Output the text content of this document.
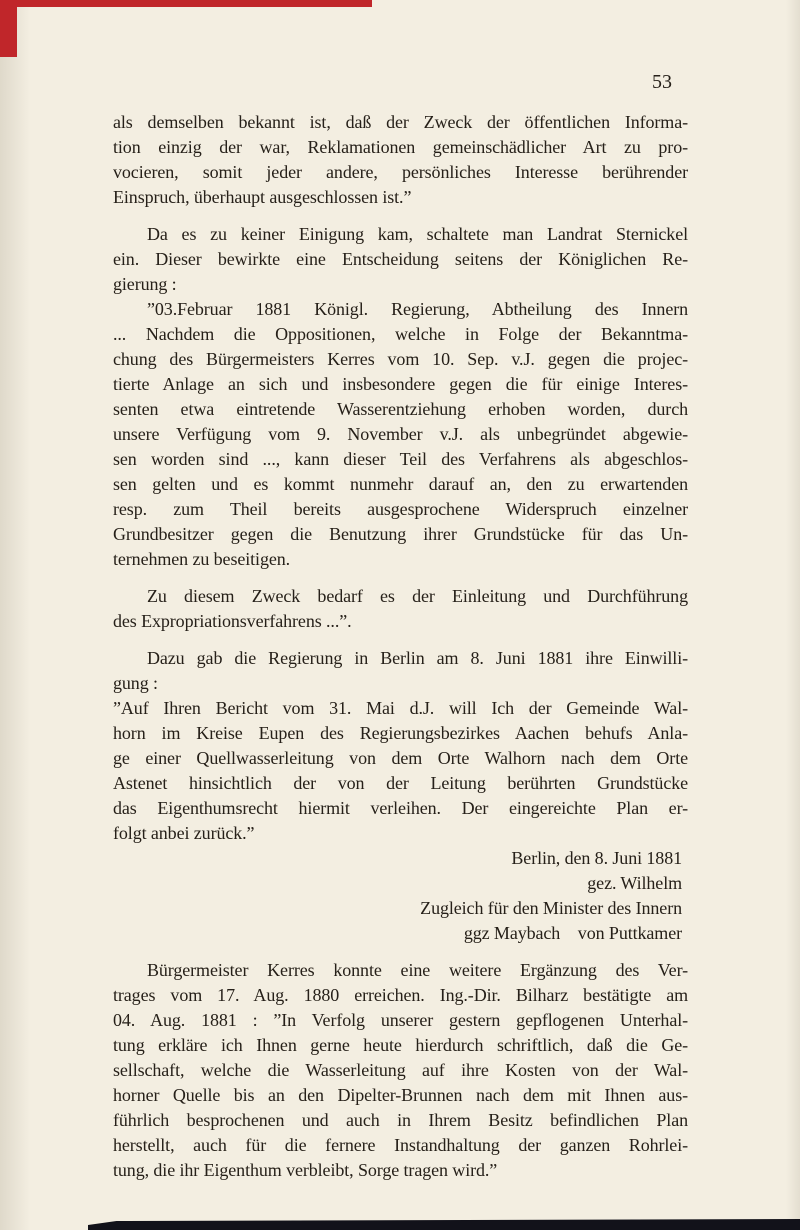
53
als demselben bekannt ist, daß der Zweck der öffentlichen Informa-
tion einzig der war, Reklamationen gemeinschädlicher Art zu pro-
vocieren, somit jeder andere, persönliches Interesse berührender
Einspruch, überhaupt ausgeschlossen ist.”
Da es zu keiner Einigung kam, schaltete man Landrat Sternickel
ein. Dieser bewirkte eine Entscheidung seitens der Königlichen Re-
gierung :
”03.Februar 1881 Königl. Regierung, Abtheilung des Innern
... Nachdem die Oppositionen, welche in Folge der Bekanntma-
chung des Bürgermeisters Kerres vom 10. Sep. v.J. gegen die projec-
tierte Anlage an sich und insbesondere gegen die für einige Interes-
senten etwa eintretende Wasserentziehung erhoben worden, durch
unsere Verfügung vom 9. November v.J. als unbegründet abgewie-
sen worden sind ..., kann dieser Teil des Verfahrens als abgeschlos-
sen gelten und es kommt nunmehr darauf an, den zu erwartenden
resp. zum Theil bereits ausgesprochene Widerspruch einzelner
Grundbesitzer gegen die Benutzung ihrer Grundstücke für das Un-
ternehmen zu beseitigen.
Zu diesem Zweck bedarf es der Einleitung und Durchführung
des Expropriationsverfahrens ...”.
Dazu gab die Regierung in Berlin am 8. Juni 1881 ihre Einwilli-
gung :
”Auf Ihren Bericht vom 31. Mai d.J. will Ich der Gemeinde Wal-
horn im Kreise Eupen des Regierungsbezirkes Aachen behufs Anla-
ge einer Quellwasserleitung von dem Orte Walhorn nach dem Orte
Astenet hinsichtlich der von der Leitung berührten Grundstücke
das Eigenthumsrecht hiermit verleihen. Der eingereichte Plan er-
folgt anbei zurück.”
Berlin, den 8. Juni 1881
gez. Wilhelm
Zugleich für den Minister des Innern
ggz Maybach    von Puttkamer
Bürgermeister Kerres konnte eine weitere Ergänzung des Ver-
trages vom 17. Aug. 1880 erreichen. Ing.-Dir. Bilharz bestätigte am
04. Aug. 1881 : ”In Verfolg unserer gestern gepflogenen Unterhal-
tung erkläre ich Ihnen gerne heute hierdurch schriftlich, daß die Ge-
sellschaft, welche die Wasserleitung auf ihre Kosten von der Wal-
horner Quelle bis an den Dipelter-Brunnen nach dem mit Ihnen aus-
führlich besprochenen und auch in Ihrem Besitz befindlichen Plan
herstellt, auch für die fernere Instandhaltung der ganzen Rohrlei-
tung, die ihr Eigenthum verbleibt, Sorge tragen wird.”
